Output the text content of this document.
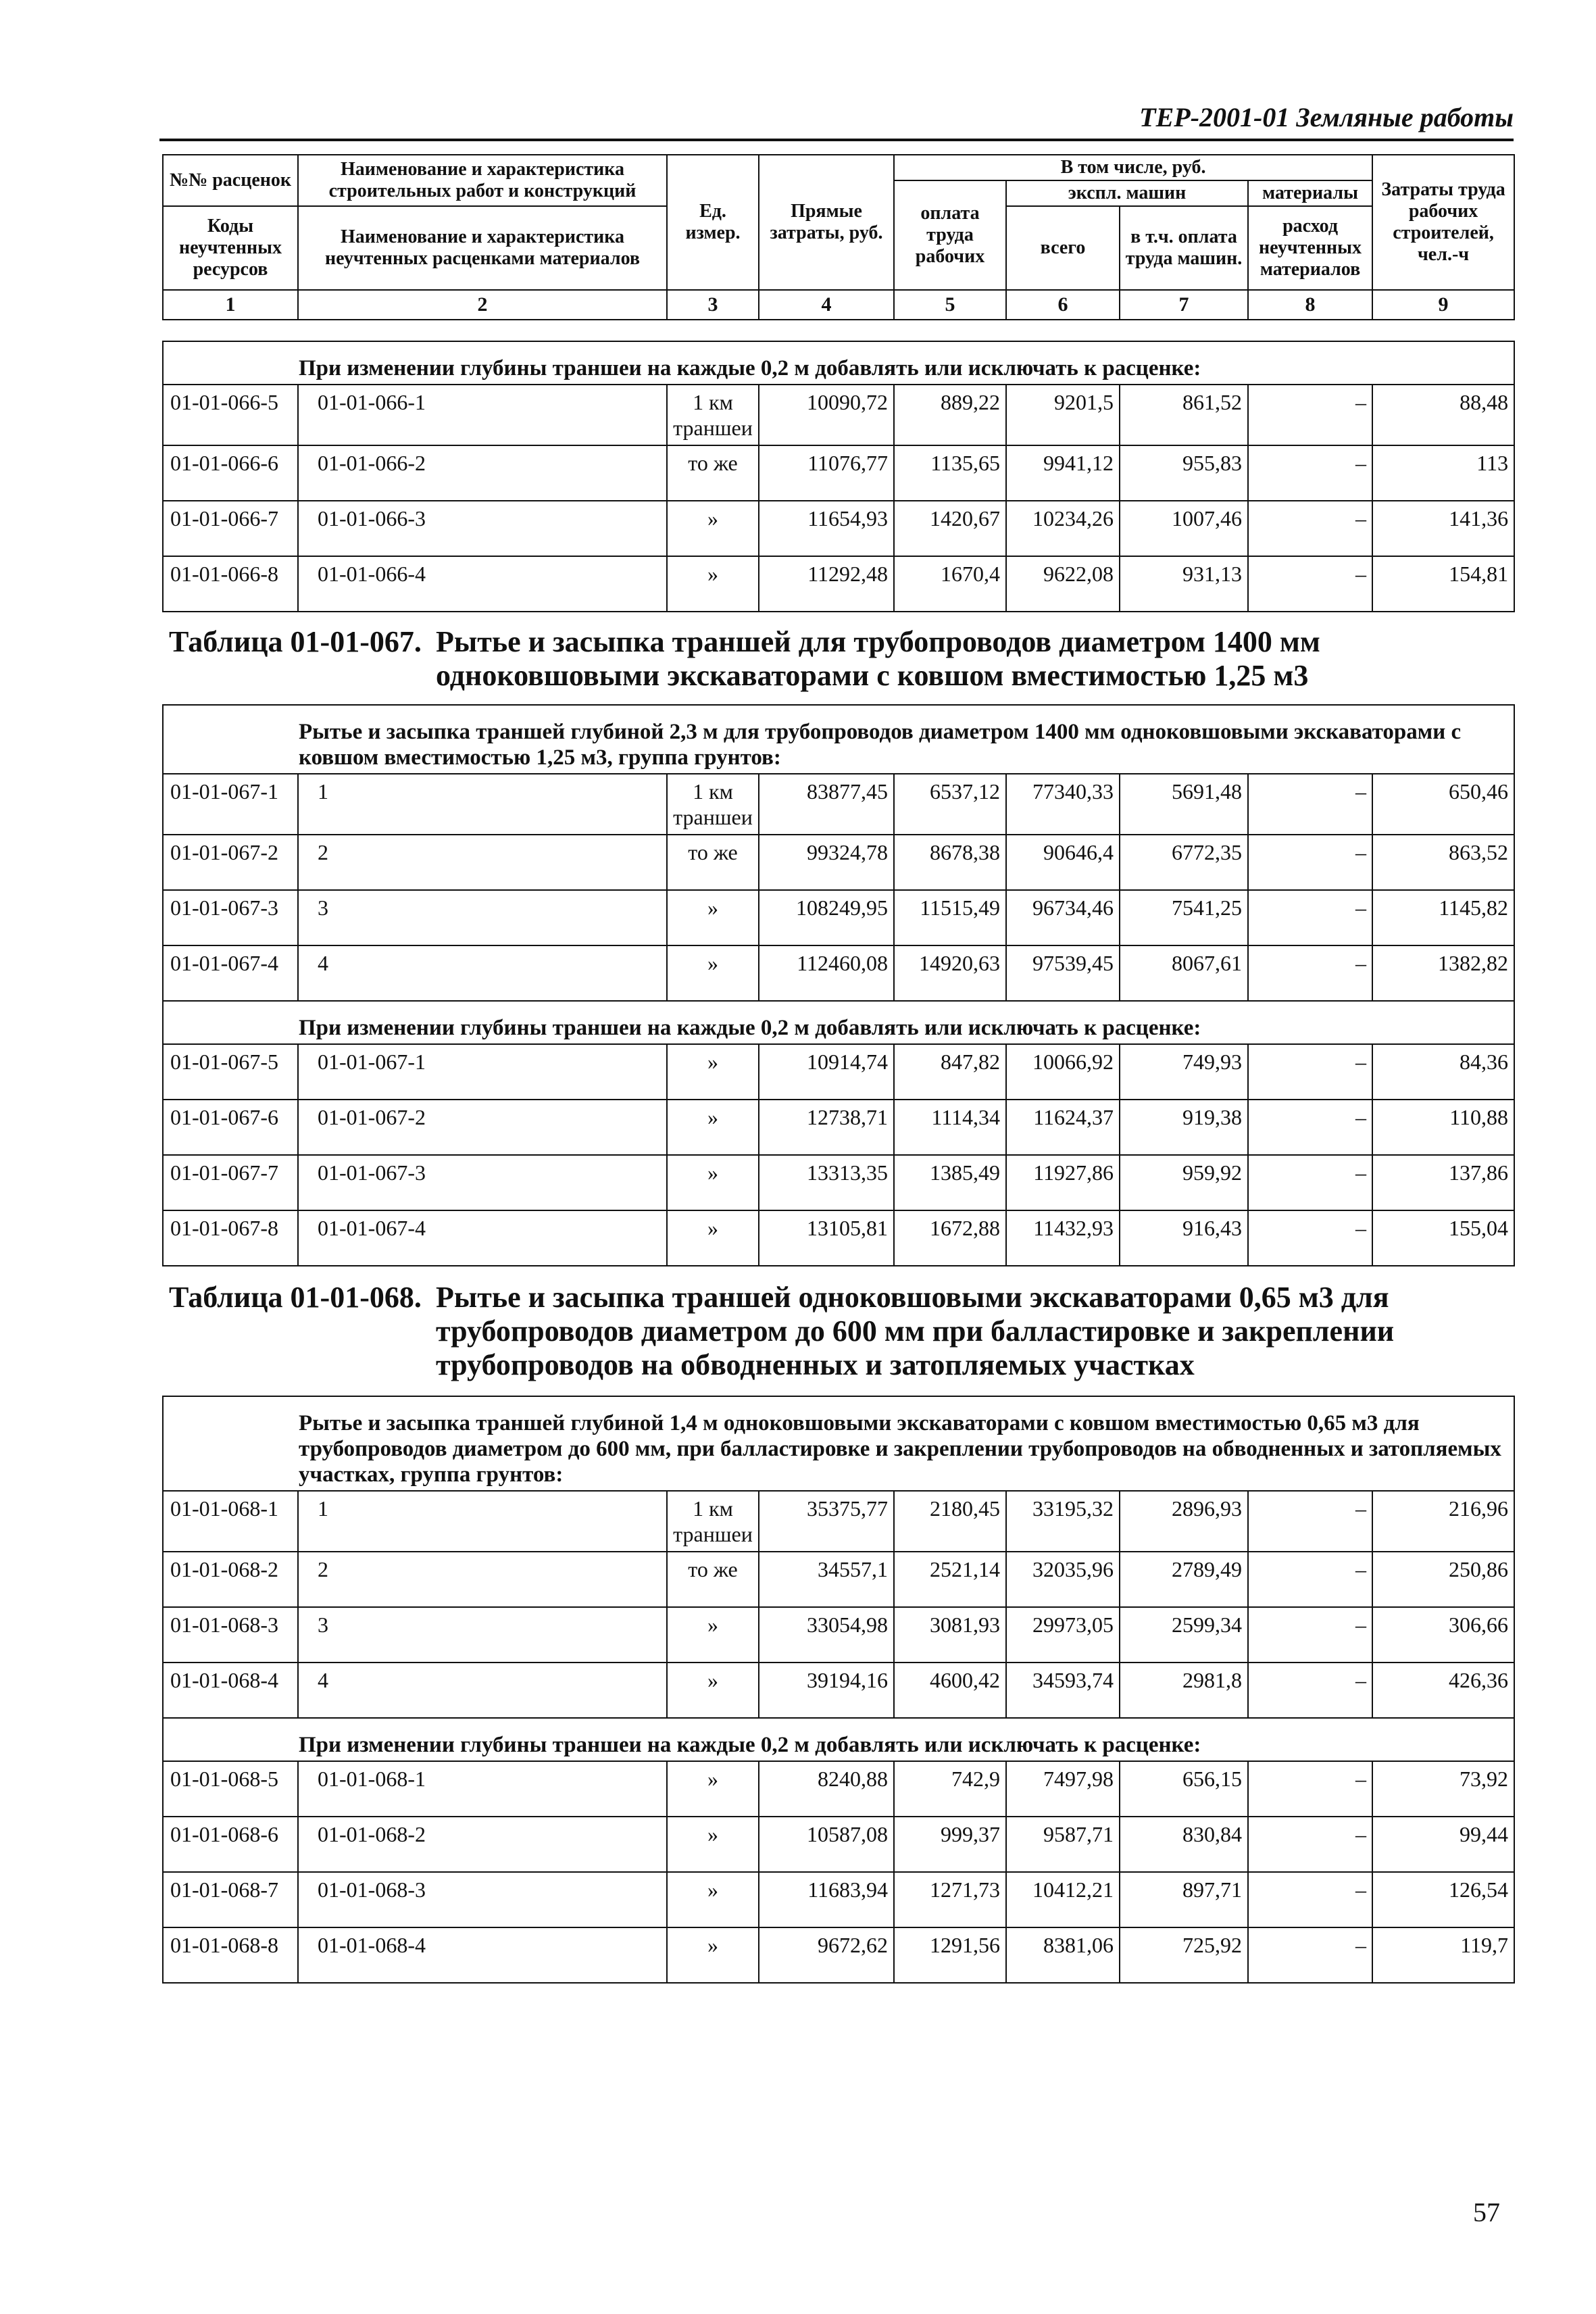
ТЕР-2001-01 Земляные работы
№№ расценок	Наименование и характеристика строительных работ и конструкций	Ед. измер.	Прямые затраты, руб.	В том числе, руб.				Затраты труда рабочих строителей, чел.-ч
				оплата труда рабочих	экспл. машин		материалы	
Коды неучтенных ресурсов	Наименование и характеристика неучтенных расценками материалов				всего	в т.ч. оплата труда машин.	расход неучтенных материалов	

1	2	3	4	5	6	7	8	9
При изменении глубины траншеи на каждые 0,2 м добавлять или исключать к расценке:								
01-01-066-5	01-01-066-1	1 км траншеи	10090,72	889,22	9201,5	861,52	–	88,48
01-01-066-6	01-01-066-2	то же	11076,77	1135,65	9941,12	955,83	–	113
01-01-066-7	01-01-066-3	»	11654,93	1420,67	10234,26	1007,46	–	141,36
01-01-066-8	01-01-066-4	»	11292,48	1670,4	9622,08	931,13	–	154,81
Таблица 01-01-067. Рытье и засыпка траншей для трубопроводов диаметром 1400 мм одноковшовыми экскаваторами с ковшом вместимостью 1,25 м3
Рытье и засыпка траншей глубиной 2,3 м для трубопроводов диаметром 1400 мм одноковшовыми экскаваторами с ковшом вместимостью 1,25 м3, группа грунтов:								
01-01-067-1	1	1 км траншеи	83877,45	6537,12	77340,33	5691,48	–	650,46
01-01-067-2	2	то же	99324,78	8678,38	90646,4	6772,35	–	863,52
01-01-067-3	3	»	108249,95	11515,49	96734,46	7541,25	–	1145,82
01-01-067-4	4	»	112460,08	14920,63	97539,45	8067,61	–	1382,82
При изменении глубины траншеи на каждые 0,2 м добавлять или исключать к расценке:								
01-01-067-5	01-01-067-1	»	10914,74	847,82	10066,92	749,93	–	84,36
01-01-067-6	01-01-067-2	»	12738,71	1114,34	11624,37	919,38	–	110,88
01-01-067-7	01-01-067-3	»	13313,35	1385,49	11927,86	959,92	–	137,86
01-01-067-8	01-01-067-4	»	13105,81	1672,88	11432,93	916,43	–	155,04
Таблица 01-01-068. Рытье и засыпка траншей одноковшовыми экскаваторами 0,65 м3 для трубопроводов диаметром до 600 мм при балластировке и закреплении трубопроводов на обводненных и затопляемых участках
Рытье и засыпка траншей глубиной 1,4 м одноковшовыми экскаваторами с ковшом вместимостью 0,65 м3 для трубопроводов диаметром до 600 мм, при балластировке и закреплении трубопроводов на обводненных и затопляемых участках, группа грунтов:								
01-01-068-1	1	1 км траншеи	35375,77	2180,45	33195,32	2896,93	–	216,96
01-01-068-2	2	то же	34557,1	2521,14	32035,96	2789,49	–	250,86
01-01-068-3	3	»	33054,98	3081,93	29973,05	2599,34	–	306,66
01-01-068-4	4	»	39194,16	4600,42	34593,74	2981,8	–	426,36
При изменении глубины траншеи на каждые 0,2 м добавлять или исключать к расценке:								
01-01-068-5	01-01-068-1	»	8240,88	742,9	7497,98	656,15	–	73,92
01-01-068-6	01-01-068-2	»	10587,08	999,37	9587,71	830,84	–	99,44
01-01-068-7	01-01-068-3	»	11683,94	1271,73	10412,21	897,71	–	126,54
01-01-068-8	01-01-068-4	»	9672,62	1291,56	8381,06	725,92	–	119,7
57
